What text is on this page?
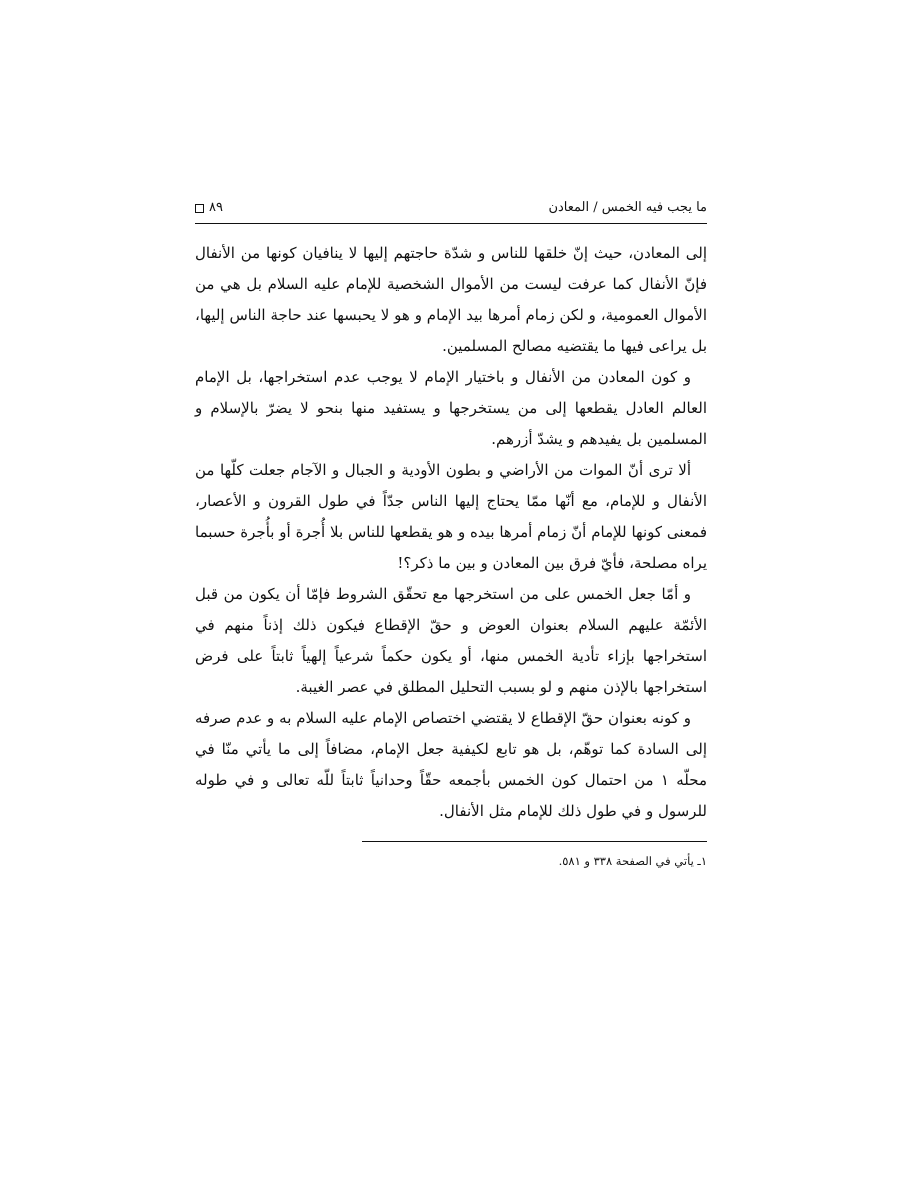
ما يجب فيه الخمس / المعادن
٨٩

إلى المعادن، حيث إنّ خلقها للناس و شدّة حاجتهم إليها لا ينافيان كونها من الأنفال فإنّ الأنفال كما عرفت ليست من الأموال الشخصية للإمام عليه السلام بل هي من الأموال العمومية، و لكن زمام أمرها بيد الإمام و هو لا يحبسها عند حاجة الناس إليها، بل يراعى فيها ما يقتضيه مصالح المسلمين.

و كون المعادن من الأنفال و باختيار الإمام لا يوجب عدم استخراجها، بل الإمام العالم العادل يقطعها إلى من يستخرجها و يستفيد منها بنحو لا يضرّ بالإسلام و المسلمين بل يفيدهم و يشدّ أزرهم.

ألا ترى أنّ الموات من الأراضي و بطون الأودية و الجبال و الآجام جعلت كلّها من الأنفال و للإمام، مع أنّها ممّا يحتاج إليها الناس جدّاً في طول القرون و الأعصار، فمعنى كونها للإمام أنّ زمام أمرها بيده و هو يقطعها للناس بلا أُجرة أو بأُجرة حسبما يراه مصلحة، فأيّ فرق بين المعادن و بين ما ذكر؟!

و أمّا جعل الخمس على من استخرجها مع تحقّق الشروط فإمّا أن يكون من قبل الأئمّة عليهم السلام بعنوان العوض و حقّ الإقطاع فيكون ذلك إذناً منهم في استخراجها بإزاء تأدية الخمس منها، أو يكون حكماً شرعياً إلهياً ثابتاً على فرض استخراجها بالإذن منهم و لو بسبب التحليل المطلق في عصر الغيبة.

و كونه بعنوان حقّ الإقطاع لا يقتضي اختصاص الإمام عليه السلام به و عدم صرفه إلى السادة كما توهّم، بل هو تابع لكيفية جعل الإمام، مضافاً إلى ما يأتي منّا في محلّه ١ من احتمال كون الخمس بأجمعه حقّاً وحدانياً ثابتاً للّه تعالى و في طوله للرسول و في طول ذلك للإمام مثل الأنفال.

١ـ يأتي في الصفحة ٣٣٨ و ٥٨١.
